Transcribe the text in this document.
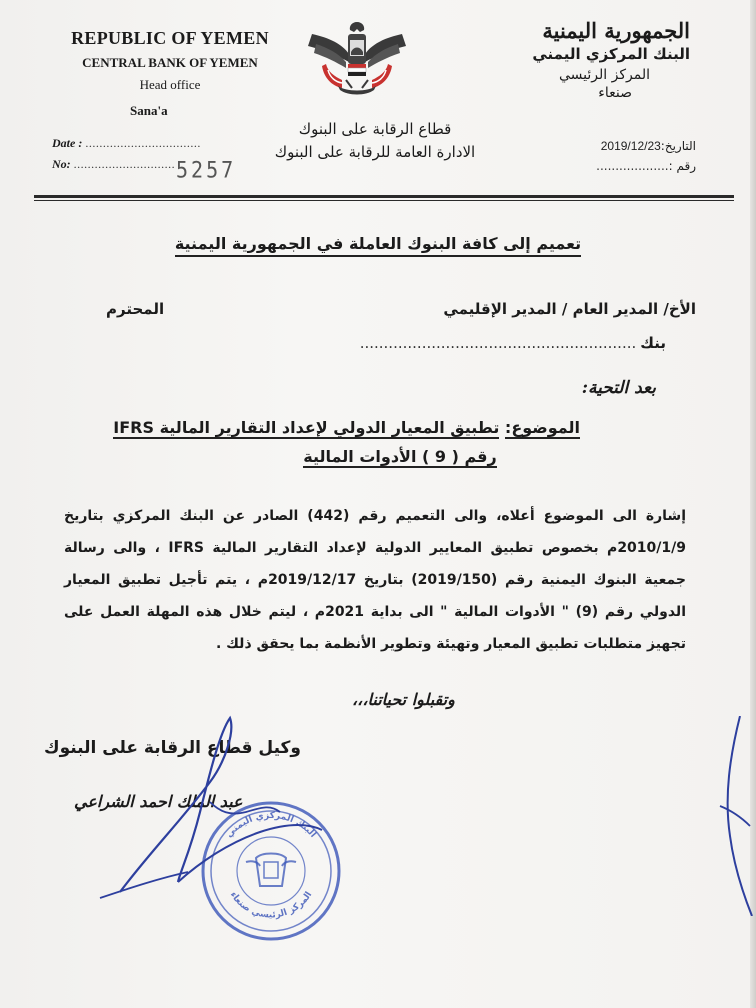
REPUBLIC OF YEMEN
CENTRAL BANK OF YEMEN
Head office
Sana'a
Date : .................................
No: ............................. 5257
الجمهورية اليمنية
البنك المركزي اليمني
المركز الرئيسي
صنعاء
قطاع الرقابة على البنوك
الادارة العامة للرقابة على البنوك	التاريخ:2019/12/23
رقم :...................
تعميم إلى كافة البنوك العاملة في الجمهورية اليمنية
الأخ/ المدير العام / المدير الإقليمي
المحترم
بنك..........................................................
بعد التحية:
الموضوع: تطبيق المعيار الدولي لإعداد التقارير المالية IFRS
رقم ( 9 ) الأدوات المالية
إشارة الى الموضوع أعلاه، والى التعميم رقم (442) الصادر عن البنك المركزي بتاريخ 2010/1/9م بخصوص تطبيق المعايير الدولية لإعداد التقارير المالية IFRS ، والى رسالة جمعية البنوك اليمنية رقم (2019/150) بتاريخ 2019/12/17م ، يتم تأجيل تطبيق المعيار الدولي رقم (9) " الأدوات المالية " الى بداية 2021م ، ليتم خلال هذه المهلة العمل على تجهيز متطلبات تطبيق المعيار وتهيئة وتطوير الأنظمة بما يحقق ذلك .
وتقبلوا تحياتنا،،،
وكيل قطاع الرقابة على البنوك
عبد الملك احمد الشراعي
البنك المركزي اليمني
المركز الرئيسي صنعاء
